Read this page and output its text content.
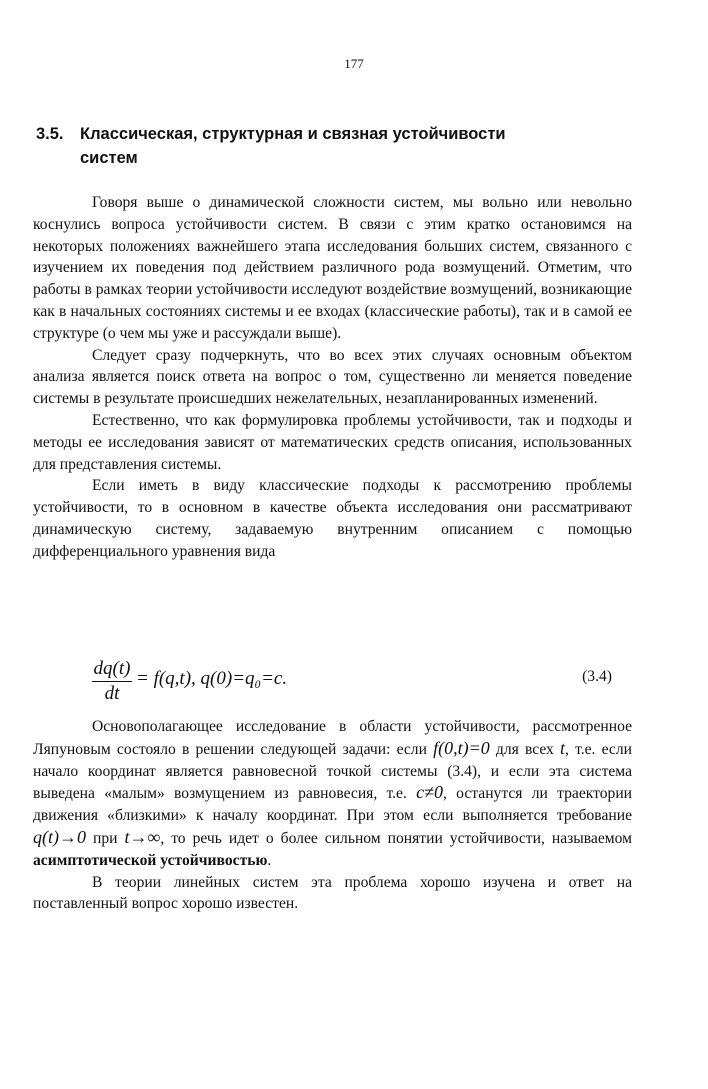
177
3.5. Классическая, структурная и связная устойчивости
систем

Говоря выше о динамической сложности систем, мы вольно или невольно коснулись вопроса устойчивости систем. В связи с этим кратко остановимся на некоторых положениях важнейшего этапа исследования больших систем, связанного с изучением их поведения под действием различного рода возмущений. Отметим, что работы в рамках теории устойчивости исследуют воздействие возмущений, возникающие как в начальных состояниях системы и ее входах (классические работы), так и в самой ее структуре (о чем мы уже и рассуждали выше).

Следует сразу подчеркнуть, что во всех этих случаях основным объектом анализа является поиск ответа на вопрос о том, существенно ли меняется поведение системы в результате происшедших нежелательных, незапланированных изменений.

Естественно, что как формулировка проблемы устойчивости, так и подходы и методы ее исследования зависят от математических средств описания, использованных для представления системы.

Если иметь в виду классические подходы к рассмотрению проблемы устойчивости, то в основном в качестве объекта исследования они рассматривают динамическую систему, задаваемую внутренним описанием с помощью дифференциального уравнения вида

$\frac{dq(t)}{dt} = f(q,t)$, q(0)=q₀=c.	(3.4)

Основополагающее исследование в области устойчивости, рассмотренное Ляпуновым состояло в решении следующей задачи: если f(0,t)=0 для всех t, т.е. если начало координат является равновесной точкой системы (3.4), и если эта система выведена «малым» возмущением из равновесия, т.е. c≠0, останутся ли траектории движения «близкими» к началу координат. При этом если выполняется требование q(t)→0 при t→∞, то речь идет о более сильном понятии устойчивости, называемом асимптотической устойчивостью.

В теории линейных систем эта проблема хорошо изучена и ответ на поставленный вопрос хорошо известен.
